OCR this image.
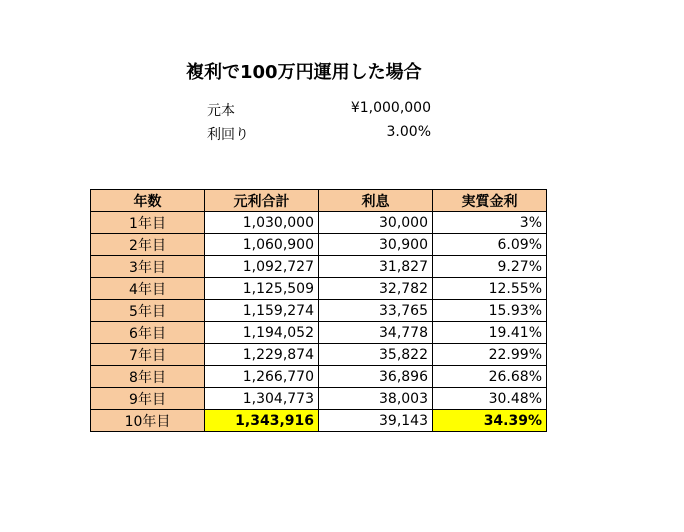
複利で100万円運用した場合
元本	¥1,000,000
利回り	3.00%
年数	元利合計	利息	実質金利
1年目	1,030,000	30,000	3%
2年目	1,060,900	30,900	6.09%
3年目	1,092,727	31,827	9.27%
4年目	1,125,509	32,782	12.55%
5年目	1,159,274	33,765	15.93%
6年目	1,194,052	34,778	19.41%
7年目	1,229,874	35,822	22.99%
8年目	1,266,770	36,896	26.68%
9年目	1,304,773	38,003	30.48%
10年目	1,343,916	39,143	34.39%
